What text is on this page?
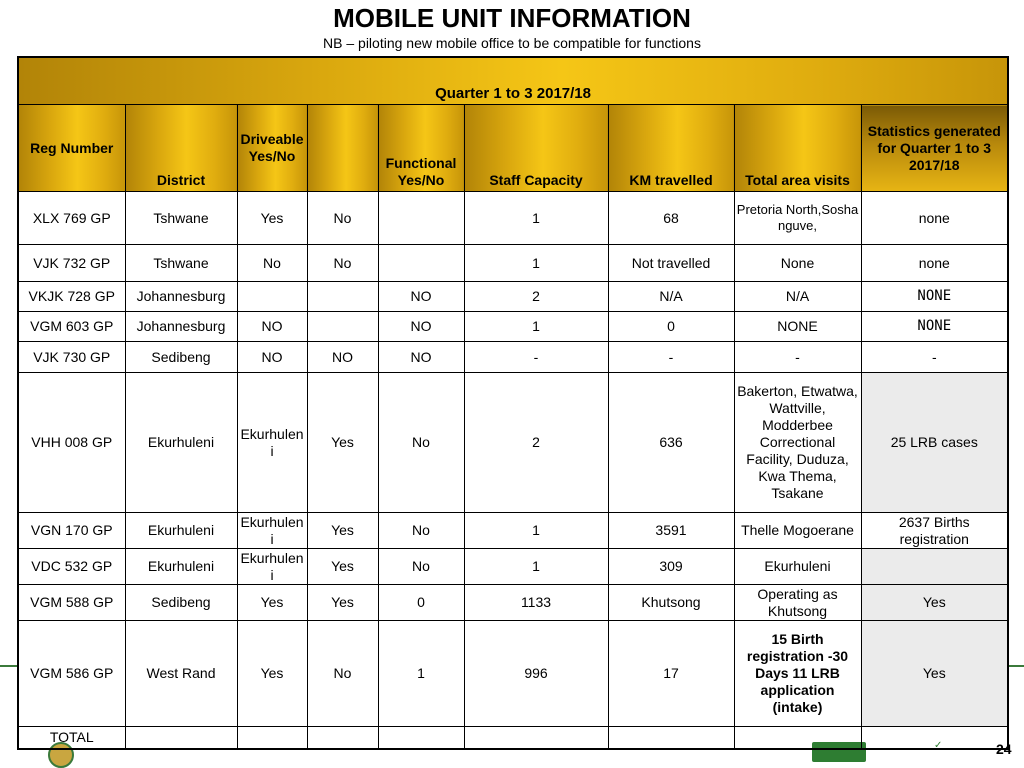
MOBILE UNIT INFORMATION
NB – piloting new mobile office to be compatible for functions
✓
Quarter 1 to 3 2017/18								
Reg Number	District	Driveable Yes/No		Functional Yes/No	Staff Capacity	KM travelled	Total area visits	Statistics generated for Quarter 1 to 3 2017/18
XLX 769 GP	Tshwane	Yes	No		1	68	Pretoria North,Soshanguve,	none
VJK 732 GP	Tshwane	No	No		1	Not travelled	None	none
VKJK 728 GP	Johannesburg			NO	2	N/A	N/A	NONE
VGM 603 GP	Johannesburg	NO		NO	1	0	NONE	NONE
VJK 730 GP	Sedibeng	NO	NO	NO	-	-	-	-
VHH 008 GP	Ekurhuleni	Ekurhuleni	Yes	No	2	636	Bakerton, Etwatwa, Wattville, Modderbee Correctional Facility, Duduza, Kwa Thema, Tsakane	25 LRB cases
VGN 170 GP	Ekurhuleni	Ekurhuleni	Yes	No	1	3591	Thelle Mogoerane	2637 Births registration
VDC 532 GP	Ekurhuleni	Ekurhuleni	Yes	No	1	309	Ekurhuleni	
VGM 588 GP	Sedibeng	Yes	Yes	0	1133	Khutsong	Operating as Khutsong	Yes
VGM 586 GP	West Rand	Yes	No	1	996	17	15 Birth registration -30 Days 11 LRB application (intake)	Yes
TOTAL								
24
